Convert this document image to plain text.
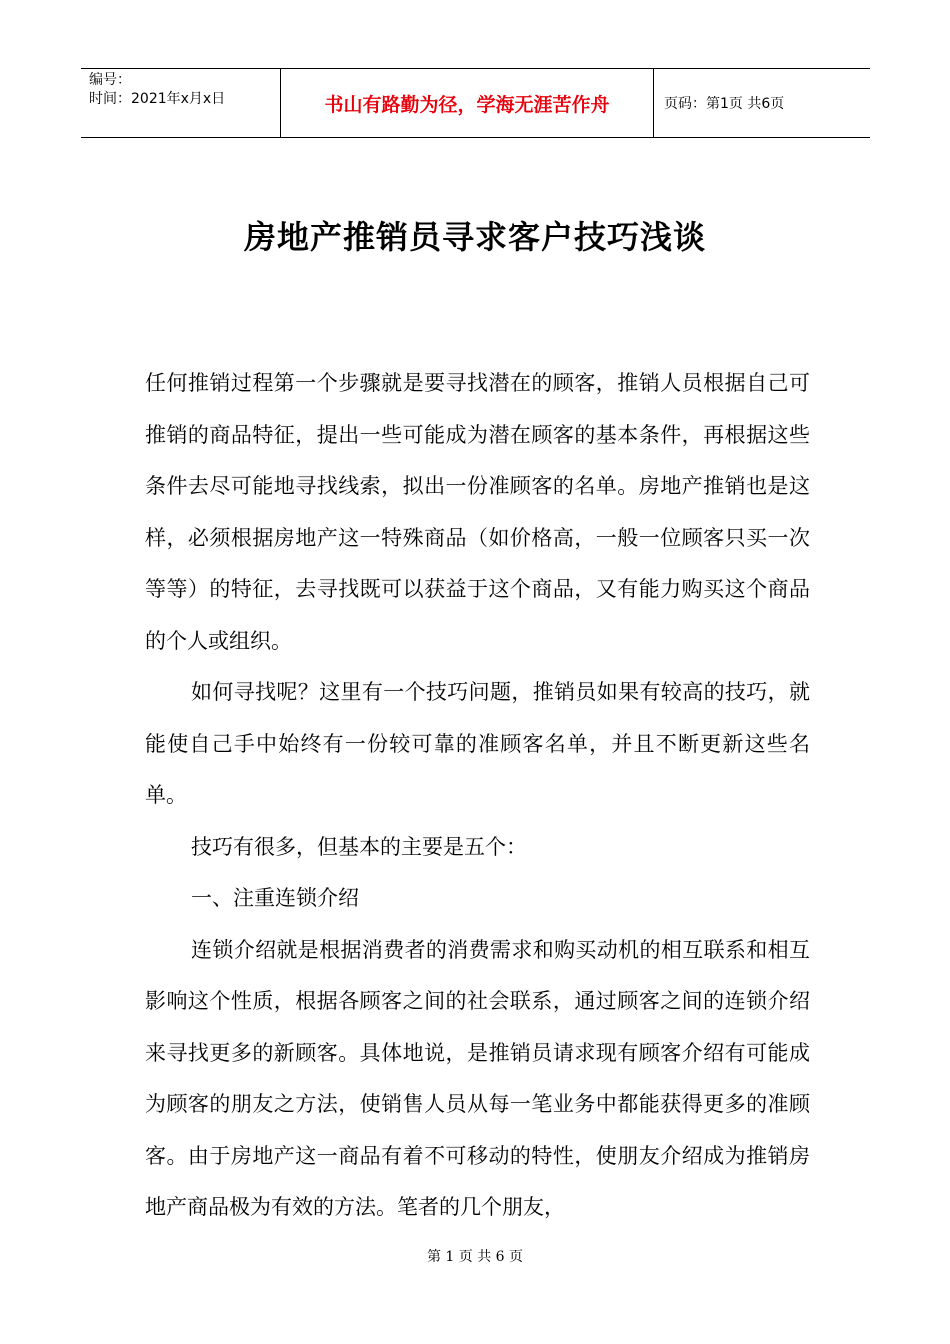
编号：
时间：2021年x月x日	书山有路勤为径，学海无涯苦作舟	页码：第1页 共6页
房地产推销员寻求客户技巧浅谈

任何推销过程第一个步骤就是要寻找潜在的顾客，推销人员根据自己可推销的商品特征，提出一些可能成为潜在顾客的基本条件，再根据这些条件去尽可能地寻找线索，拟出一份准顾客的名单。房地产推销也是这样，必须根据房地产这一特殊商品（如价格高，一般一位顾客只买一次等等）的特征，去寻找既可以获益于这个商品，又有能力购买这个商品的个人或组织。

如何寻找呢？这里有一个技巧问题，推销员如果有较高的技巧，就能使自己手中始终有一份较可靠的准顾客名单，并且不断更新这些名单。

技巧有很多，但基本的主要是五个：

一、注重连锁介绍

连锁介绍就是根据消费者的消费需求和购买动机的相互联系和相互影响这个性质，根据各顾客之间的社会联系，通过顾客之间的连锁介绍来寻找更多的新顾客。具体地说，是推销员请求现有顾客介绍有可能成为顾客的朋友之方法，使销售人员从每一笔业务中都能获得更多的准顾客。由于房地产这一商品有着不可移动的特性，使朋友介绍成为推销房地产商品极为有效的方法。笔者的几个朋友，

第 1 页 共 6 页
